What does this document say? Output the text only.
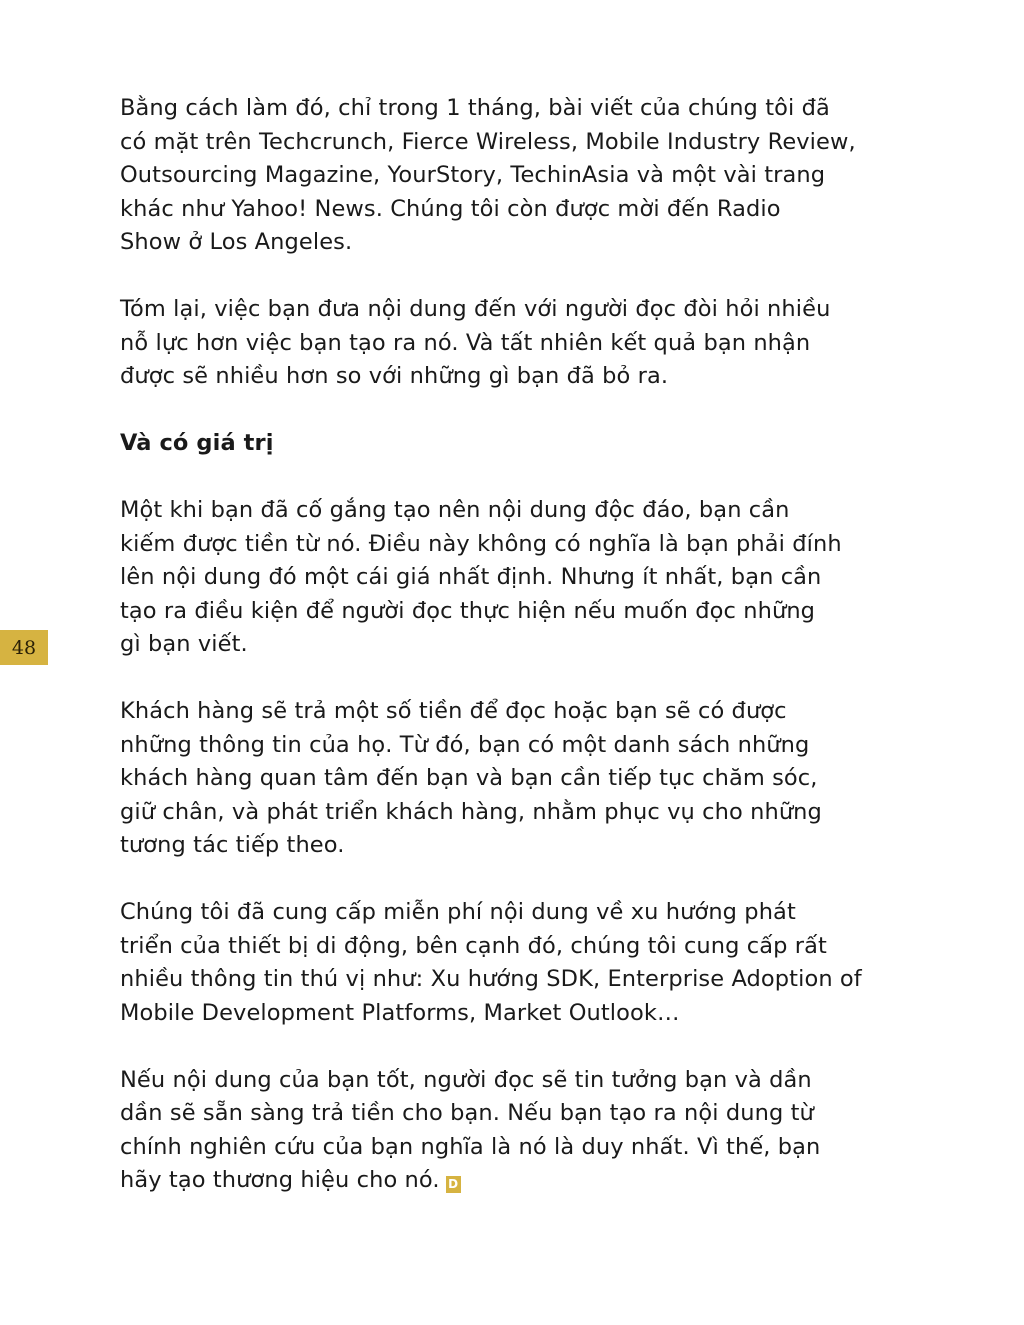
48
Bằng cách làm đó, chỉ trong 1 tháng, bài viết của chúng tôi đã
có mặt trên Techcrunch, Fierce Wireless, Mobile Industry Review,
Outsourcing Magazine, YourStory, TechinAsia và một vài trang
khác như Yahoo! News. Chúng tôi còn được mời đến Radio
Show ở Los Angeles.
Tóm lại, việc bạn đưa nội dung đến với người đọc đòi hỏi nhiều
nỗ lực hơn việc bạn tạo ra nó. Và tất nhiên kết quả bạn nhận
được sẽ nhiều hơn so với những gì bạn đã bỏ ra.
Và có giá trị
Một khi bạn đã cố gắng tạo nên nội dung độc đáo, bạn cần
kiếm được tiền từ nó. Điều này không có nghĩa là bạn phải đính
lên nội dung đó một cái giá nhất định. Nhưng ít nhất, bạn cần
tạo ra điều kiện để người đọc thực hiện nếu muốn đọc những
gì bạn viết.
Khách hàng sẽ trả một số tiền để đọc hoặc bạn sẽ có được
những thông tin của họ. Từ đó, bạn có một danh sách những
khách hàng quan tâm đến bạn và bạn cần tiếp tục chăm sóc,
giữ chân, và phát triển khách hàng, nhằm phục vụ cho những
tương tác tiếp theo.
Chúng tôi đã cung cấp miễn phí nội dung về xu hướng phát
triển của thiết bị di động, bên cạnh đó, chúng tôi cung cấp rất
nhiều thông tin thú vị như: Xu hướng SDK, Enterprise Adoption of
Mobile Development Platforms, Market Outlook…
Nếu nội dung của bạn tốt, người đọc sẽ tin tưởng bạn và dần
dần sẽ sẵn sàng trả tiền cho bạn. Nếu bạn tạo ra nội dung từ
chính nghiên cứu của bạn nghĩa là nó là duy nhất. Vì thế, bạn
hãy tạo thương hiệu cho nó. D
